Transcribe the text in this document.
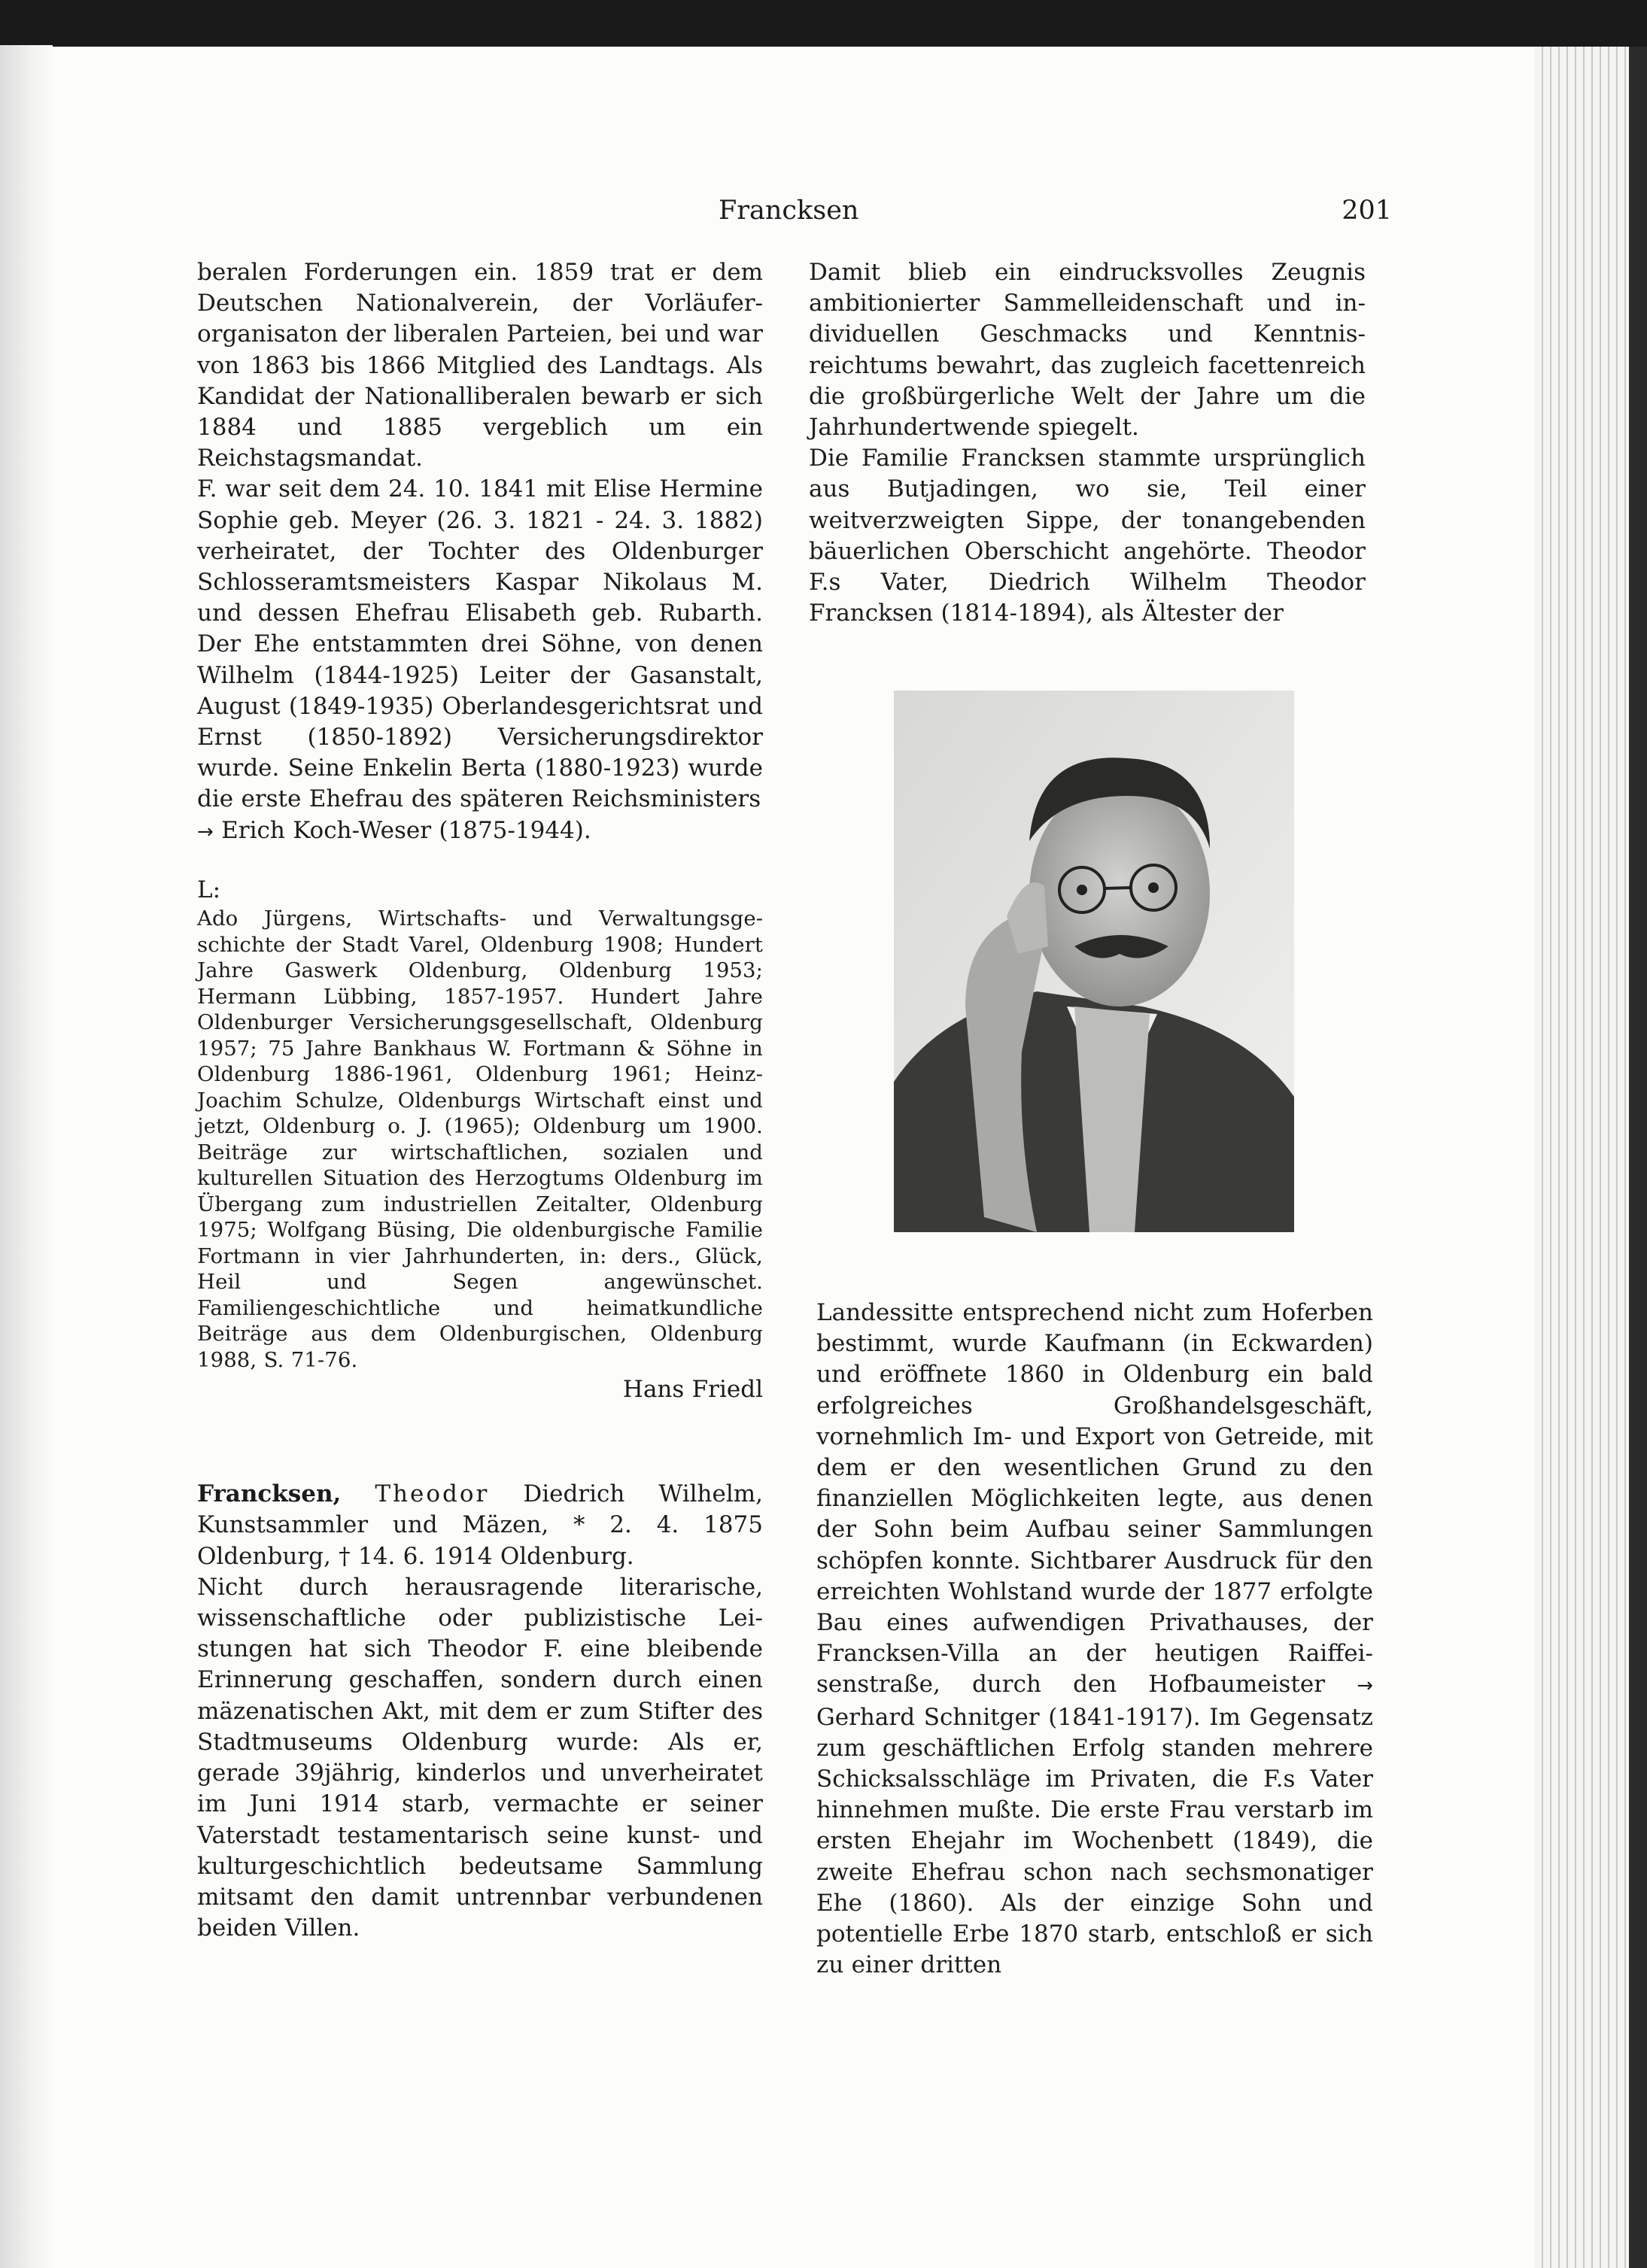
Francksen	201

beralen Forderungen ein. 1859 trat er dem Deutschen Nationalverein, der Vorläuferorganisaton der liberalen Parteien, bei und war von 1863 bis 1866 Mitglied des Landtags. Als Kandidat der Nationalliberalen bewarb er sich 1884 und 1885 vergeblich um ein Reichstagsmandat.

F. war seit dem 24. 10. 1841 mit Elise Hermine Sophie geb. Meyer (26. 3. 1821 - 24. 3. 1882) verheiratet, der Tochter des Oldenburger Schlosseramtsmeisters Kaspar Nikolaus M. und dessen Ehefrau Elisabeth geb. Rubarth. Der Ehe entstammten drei Söhne, von denen Wilhelm (1844-1925) Leiter der Gasanstalt, August (1849-1935) Oberlandesgerichtsrat und Ernst (1850-1892) Versicherungsdirektor wurde. Seine Enkelin Berta (1880-1923) wurde die erste Ehefrau des späteren Reichsministers

→ Erich Koch-Weser (1875-1944).

L:

Ado Jürgens, Wirtschafts- und Verwaltungsgeschichte der Stadt Varel, Oldenburg 1908; Hundert Jahre Gaswerk Oldenburg, Oldenburg 1953; Hermann Lübbing, 1857-1957. Hundert Jahre Oldenburger Versicherungsgesellschaft, Oldenburg 1957; 75 Jahre Bankhaus W. Fortmann & Söhne in Oldenburg 1886-1961, Oldenburg 1961; Heinz-Joachim Schulze, Oldenburgs Wirtschaft einst und jetzt, Oldenburg o. J. (1965); Oldenburg um 1900. Beiträge zur wirtschaftlichen, sozialen und kulturellen Situation des Herzogtums Oldenburg im Übergang zum industriellen Zeitalter, Oldenburg 1975; Wolfgang Büsing, Die oldenburgische Familie Fortmann in vier Jahrhunderten, in: ders., Glück, Heil und Segen angewünschet. Familiengeschichtliche und heimatkundliche Beiträge aus dem Oldenburgischen, Oldenburg 1988, S. 71-76.

Hans Friedl

Francksen, Theodor Diedrich Wilhelm, Kunstsammler und Mäzen, * 2. 4. 1875 Oldenburg, † 14. 6. 1914 Oldenburg.

Nicht durch herausragende literarische, wissenschaftliche oder publizistische Leistungen hat sich Theodor F. eine bleibende Erinnerung geschaffen, sondern durch einen mäzenatischen Akt, mit dem er zum Stifter des Stadtmuseums Oldenburg wurde: Als er, gerade 39jährig, kinderlos und unverheiratet im Juni 1914 starb, vermachte er seiner Vaterstadt testamentarisch seine kunst- und kulturgeschichtlich bedeutsame Sammlung mitsamt den damit untrennbar verbundenen beiden Villen.

Damit blieb ein eindrucksvolles Zeugnis ambitionierter Sammelleidenschaft und individuellen Geschmacks und Kenntnisreichtums bewahrt, das zugleich facettenreich die großbürgerliche Welt der Jahre um die Jahrhundertwende spiegelt.

Die Familie Francksen stammte ursprünglich aus Butjadingen, wo sie, Teil einer weitverzweigten Sippe, der tonangebenden bäuerlichen Oberschicht angehörte. Theodor F.s Vater, Diedrich Wilhelm Theodor Francksen (1814-1894), als Ältester der

Landessitte entsprechend nicht zum Hoferben bestimmt, wurde Kaufmann (in Eckwarden) und eröffnete 1860 in Oldenburg ein bald erfolgreiches Großhandelsgeschäft, vornehmlich Im- und Export von Getreide, mit dem er den wesentlichen Grund zu den finanziellen Möglichkeiten legte, aus denen der Sohn beim Aufbau seiner Sammlungen schöpfen konnte. Sichtbarer Ausdruck für den erreichten Wohlstand wurde der 1877 erfolgte Bau eines aufwendigen Privathauses, der Francksen-Villa an der heutigen Raiffeisenstraße, durch den Hofbaumeister → Gerhard Schnitger (1841-1917). Im Gegensatz zum geschäftlichen Erfolg standen mehrere Schicksalsschläge im Privaten, die F.s Vater hinnehmen mußte. Die erste Frau verstarb im ersten Ehejahr im Wochenbett (1849), die zweite Ehefrau schon nach sechsmonatiger Ehe (1860). Als der einzige Sohn und potentielle Erbe 1870 starb, entschloß er sich zu einer dritten
